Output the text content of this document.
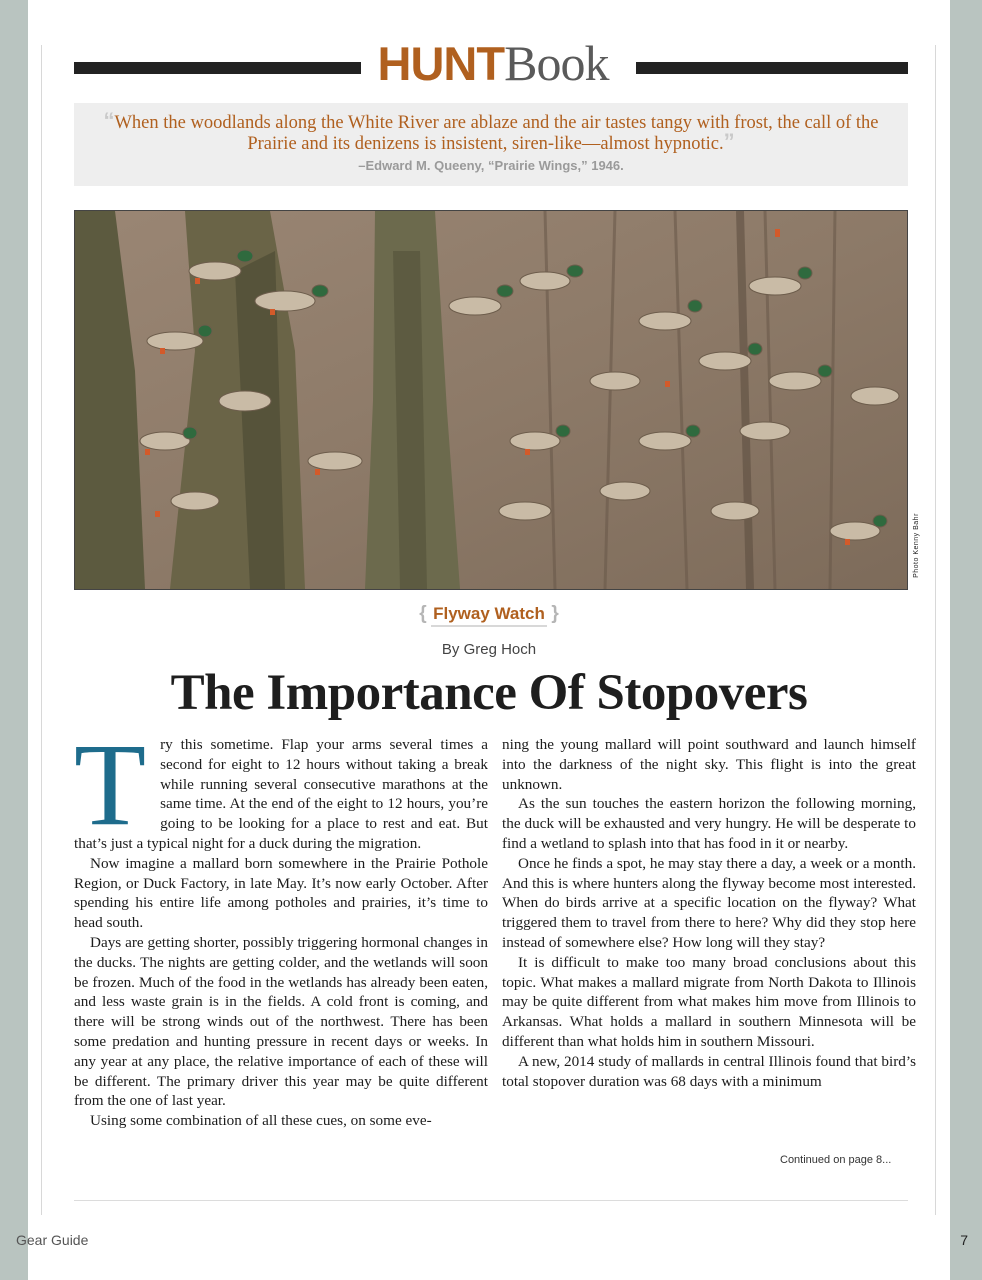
HUNTBook
“When the woodlands along the White River are ablaze and the air tastes tangy with frost, the call of the Prairie and its denizens is insistent, siren-like—almost hypnotic.”
–Edward M. Queeny, “Prairie Wings,” 1946.
Photo Kenny Bahr
{ Flyway Watch }
By Greg Hoch
The Importance Of Stopovers

Try this sometime. Flap your arms several times a second for eight to 12 hours without taking a break while running several consecutive marathons at the same time. At the end of the eight to 12 hours, you’re going to be looking for a place to rest and eat. But that’s just a typical night for a duck during the migration.

Now imagine a mallard born somewhere in the Prairie Pothole Region, or Duck Factory, in late May. It’s now early October. After spending his entire life among potholes and prairies, it’s time to head south.

Days are getting shorter, possibly triggering hormonal changes in the ducks. The nights are getting colder, and the wetlands will soon be frozen. Much of the food in the wetlands has already been eaten, and less waste grain is in the fields. A cold front is coming, and there will be strong winds out of the northwest. There has been some predation and hunting pressure in recent days or weeks. In any year at any place, the relative importance of each of these will be different. The primary driver this year may be quite different from the one of last year.

Using some combination of all these cues, on some eve-

ning the young mallard will point southward and launch himself into the darkness of the night sky. This flight is into the great unknown.

As the sun touches the eastern horizon the following morning, the duck will be exhausted and very hungry. He will be desperate to find a wetland to splash into that has food in it or nearby.

Once he finds a spot, he may stay there a day, a week or a month. And this is where hunters along the flyway become most interested. When do birds arrive at a specific location on the flyway? What triggered them to travel from there to here? Why did they stop here instead of somewhere else? How long will they stay?

It is difficult to make too many broad conclusions about this topic. What makes a mallard migrate from North Dakota to Illinois may be quite different from what makes him move from Illinois to Arkansas. What holds a mallard in southern Minnesota will be different than what holds him in southern Missouri.

A new, 2014 study of mallards in central Illinois found that bird’s total stopover duration was 68 days with a minimum

Continued on page 8...
Gear Guide	7
